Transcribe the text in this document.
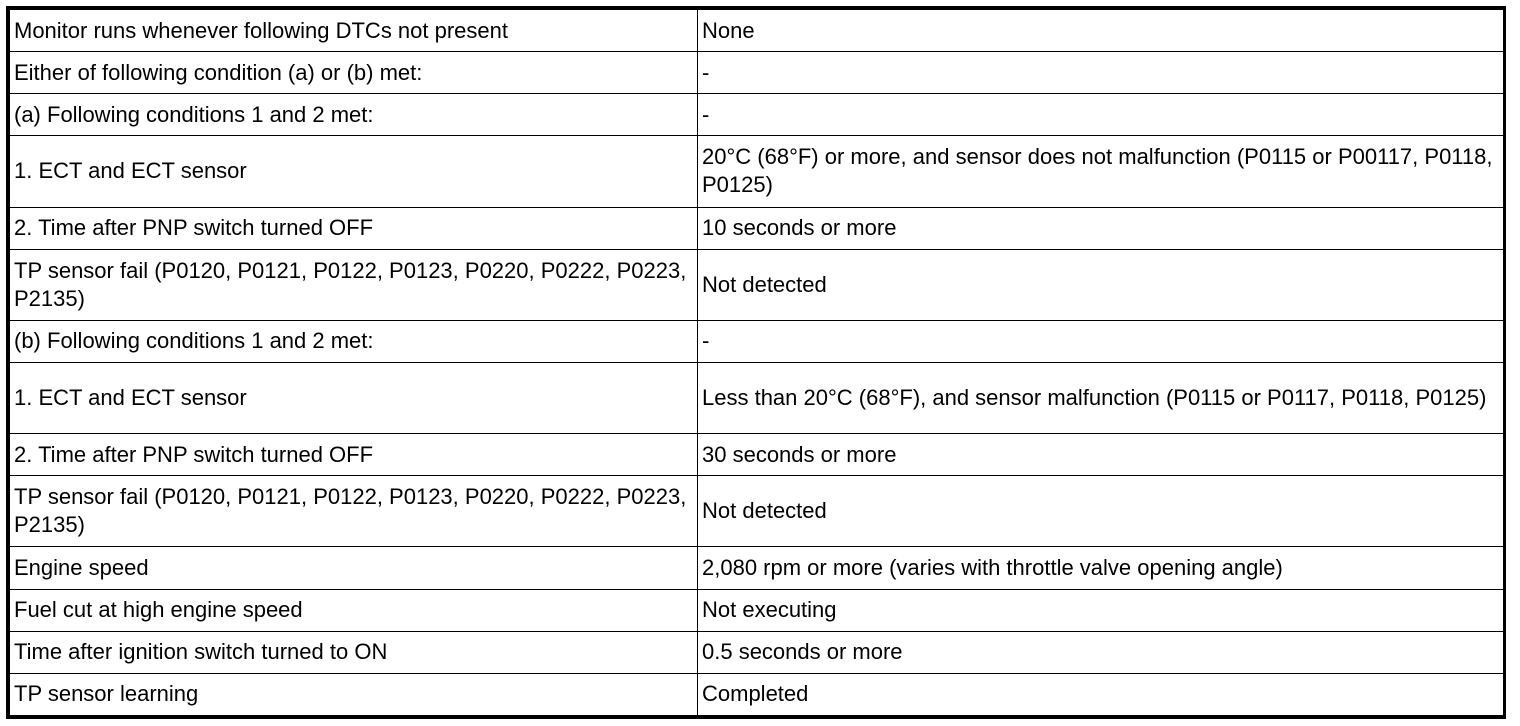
Monitor runs whenever following DTCs not present	None
Either of following condition (a) or (b) met:	-
(a) Following conditions 1 and 2 met:	-
1. ECT and ECT sensor	20°C (68°F) or more, and sensor does not malfunction (P0115 or P00117, P0118, P0125)
2. Time after PNP switch turned OFF	10 seconds or more
TP sensor fail (P0120, P0121, P0122, P0123, P0220, P0222, P0223, P2135)	Not detected
(b) Following conditions 1 and 2 met:	-
1. ECT and ECT sensor	Less than 20°C (68°F), and sensor malfunction (P0115 or P0117, P0118, P0125)
2. Time after PNP switch turned OFF	30 seconds or more
TP sensor fail (P0120, P0121, P0122, P0123, P0220, P0222, P0223, P2135)	Not detected
Engine speed	2,080 rpm or more (varies with throttle valve opening angle)
Fuel cut at high engine speed	Not executing
Time after ignition switch turned to ON	0.5 seconds or more
TP sensor learning	Completed
